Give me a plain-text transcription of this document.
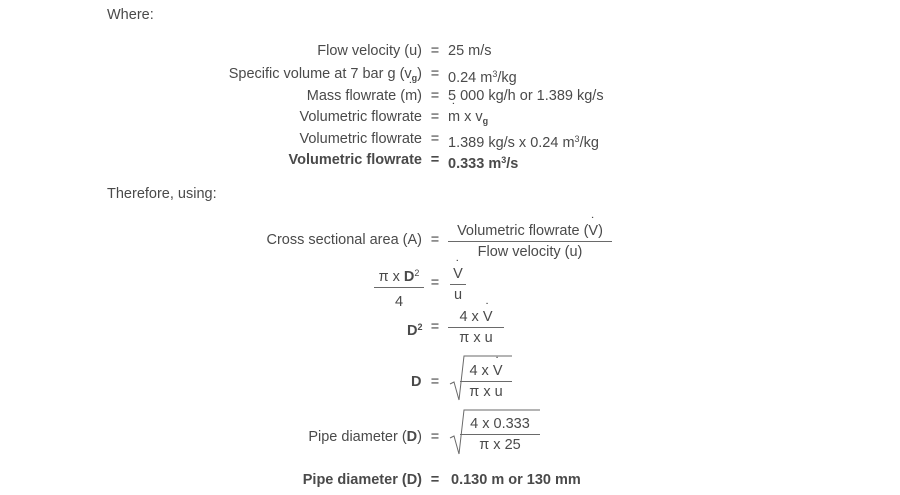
Where:
Flow velocity (u) = 25 m/s
Specific volume at 7 bar g $(v_g) = 0.24$ $m^3/kg$
Mass flowrate (m ˙) = 5 000 kg/h or 1.389 kg/s
Volumetric flowrate = m ˙ x $v_g$
Volumetric flowrate = 1.389 kg/s x 0.24 $m^3/kg$
Volumetric flowrate = 0.333 $m^3/s$
Therefore, using:
Cross sectional area (A) =
Volumetric flowrate (V ˙)
Flow velocity (u)
π x $D^2$
4
=
V ˙
u
$D^2$ =
4 x V ˙
π x u
D =
4 x V ˙
π x u
Pipe diameter (D) =
4 x 0.333
π x 25
Pipe diameter (D) = 0.130 m or 130 mm
